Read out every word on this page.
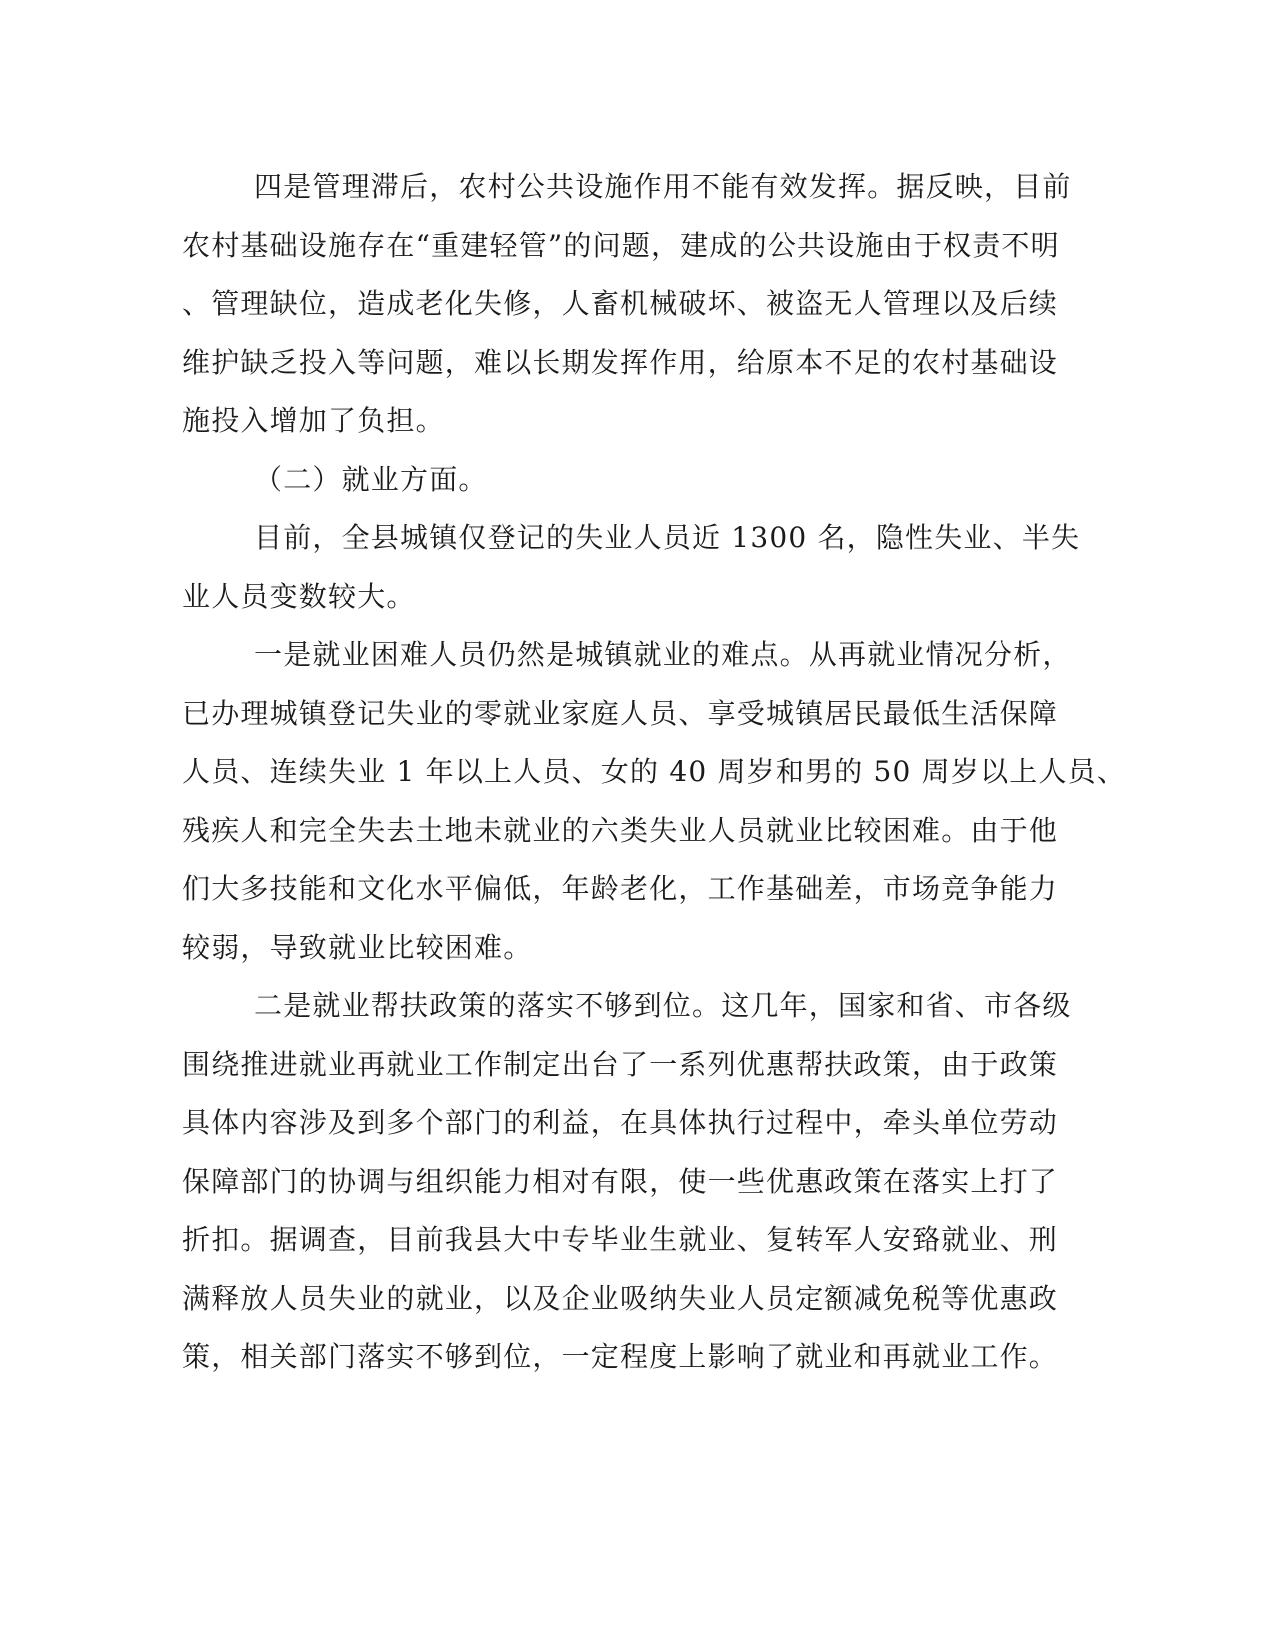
四是管理滞后，农村公共设施作用不能有效发挥。据反映，目前
农村基础设施存在“重建轻管”的问题，建成的公共设施由于权责不明
、管理缺位，造成老化失修，人畜机械破坏、被盗无人管理以及后续
维护缺乏投入等问题，难以长期发挥作用，给原本不足的农村基础设
施投入增加了负担。
（二）就业方面。
目前，全县城镇仅登记的失业人员近 1300 名，隐性失业、半失
业人员变数较大。
一是就业困难人员仍然是城镇就业的难点。从再就业情况分析，
已办理城镇登记失业的零就业家庭人员、享受城镇居民最低生活保障
人员、连续失业 1 年以上人员、女的 40 周岁和男的 50 周岁以上人员、
残疾人和完全失去土地未就业的六类失业人员就业比较困难。由于他
们大多技能和文化水平偏低，年龄老化，工作基础差，市场竞争能力
较弱，导致就业比较困难。
二是就业帮扶政策的落实不够到位。这几年，国家和省、市各级
围绕推进就业再就业工作制定出台了一系列优惠帮扶政策，由于政策
具体内容涉及到多个部门的利益，在具体执行过程中，牵头单位劳动
保障部门的协调与组织能力相对有限，使一些优惠政策在落实上打了
折扣。据调查，目前我县大中专毕业生就业、复转军人安臵就业、刑
满释放人员失业的就业，以及企业吸纳失业人员定额减免税等优惠政
策，相关部门落实不够到位，一定程度上影响了就业和再就业工作。
